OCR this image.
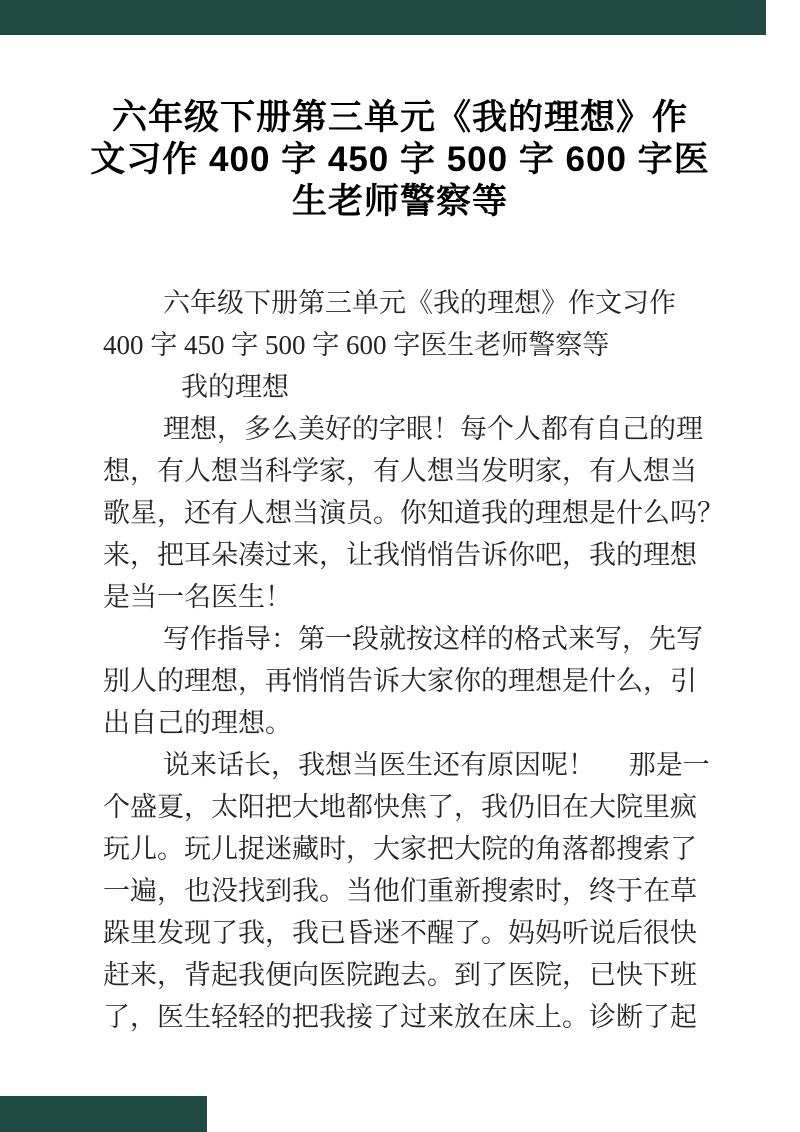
六年级下册第三单元《我的理想》作
文习作 400 字 450 字 500 字 600 字医
生老师警察等
六年级下册第三单元《我的理想》作文习作
400 字 450 字 500 字 600 字医生老师警察等
我的理想
理想，多么美好的字眼！每个人都有自己的理
想，有人想当科学家，有人想当发明家，有人想当
歌星，还有人想当演员。你知道我的理想是什么吗？
来，把耳朵凑过来，让我悄悄告诉你吧，我的理想
是当一名医生！
写作指导：第一段就按这样的格式来写，先写
别人的理想，再悄悄告诉大家你的理想是什么，引
出自己的理想。
说来话长，我想当医生还有原因呢！　 那是一
个盛夏，太阳把大地都快焦了，我仍旧在大院里疯
玩儿。玩儿捉迷藏时，大家把大院的角落都搜索了
一遍，也没找到我。当他们重新搜索时，终于在草
跺里发现了我，我已昏迷不醒了。妈妈听说后很快
赶来，背起我便向医院跑去。到了医院，已快下班
了，医生轻轻的把我接了过来放在床上。诊断了起
